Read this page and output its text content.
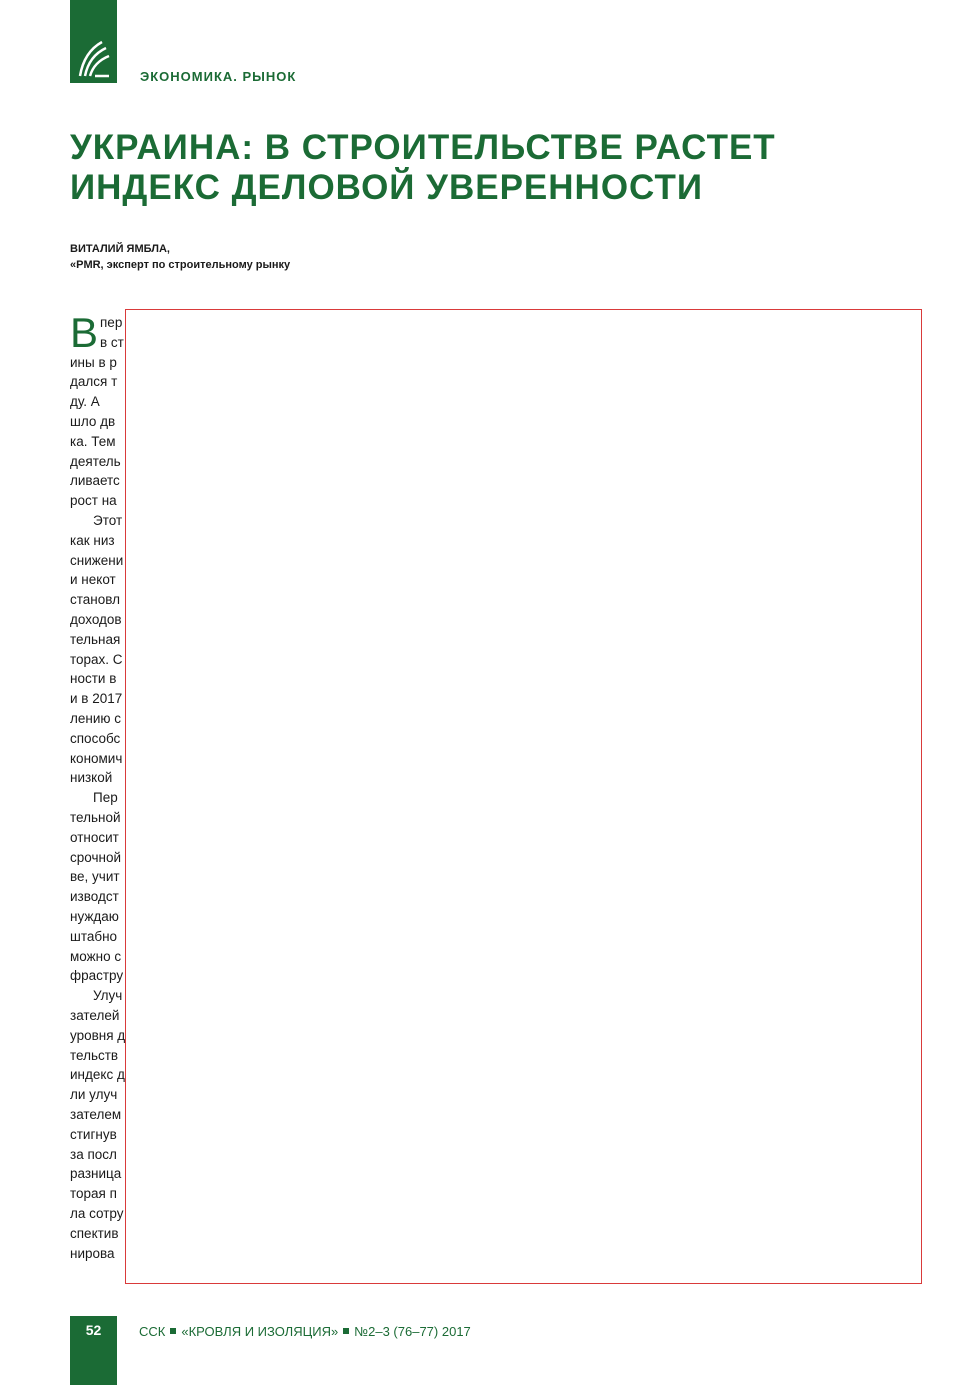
ЭКОНОМИКА. РЫНОК
УКРАИНА: В СТРОИТЕЛЬСТВЕ РАСТЕТ
ИНДЕКС ДЕЛОВОЙ УВЕРЕННОСТИ
ВИТАЛИЙ ЯМБЛА,
«PMR, эксперт по строительному рынку
В пер
в ст
ины в р
дался т
ду. А
шло дв
ка. Тем
деятель
ливаетс
рост на
Этот
как низ
снижени
и некот
становл
доходов
тельная
торах. С
ности в
и в 2017
лению с
способс
кономич
низкой
Пер
тельной
относит
срочной
ве, учит
изводст
нуждаю
штабно
можно с
фрастру
Улуч
зателей
уровня д
тельств
индекс д
ли улуч
зателем
стигнув
за посл
разница
торая п
ла сотру
спектив
нирова
52	ССК «КРОВЛЯ И ИЗОЛЯЦИЯ» №2–3 (76–77) 2017
